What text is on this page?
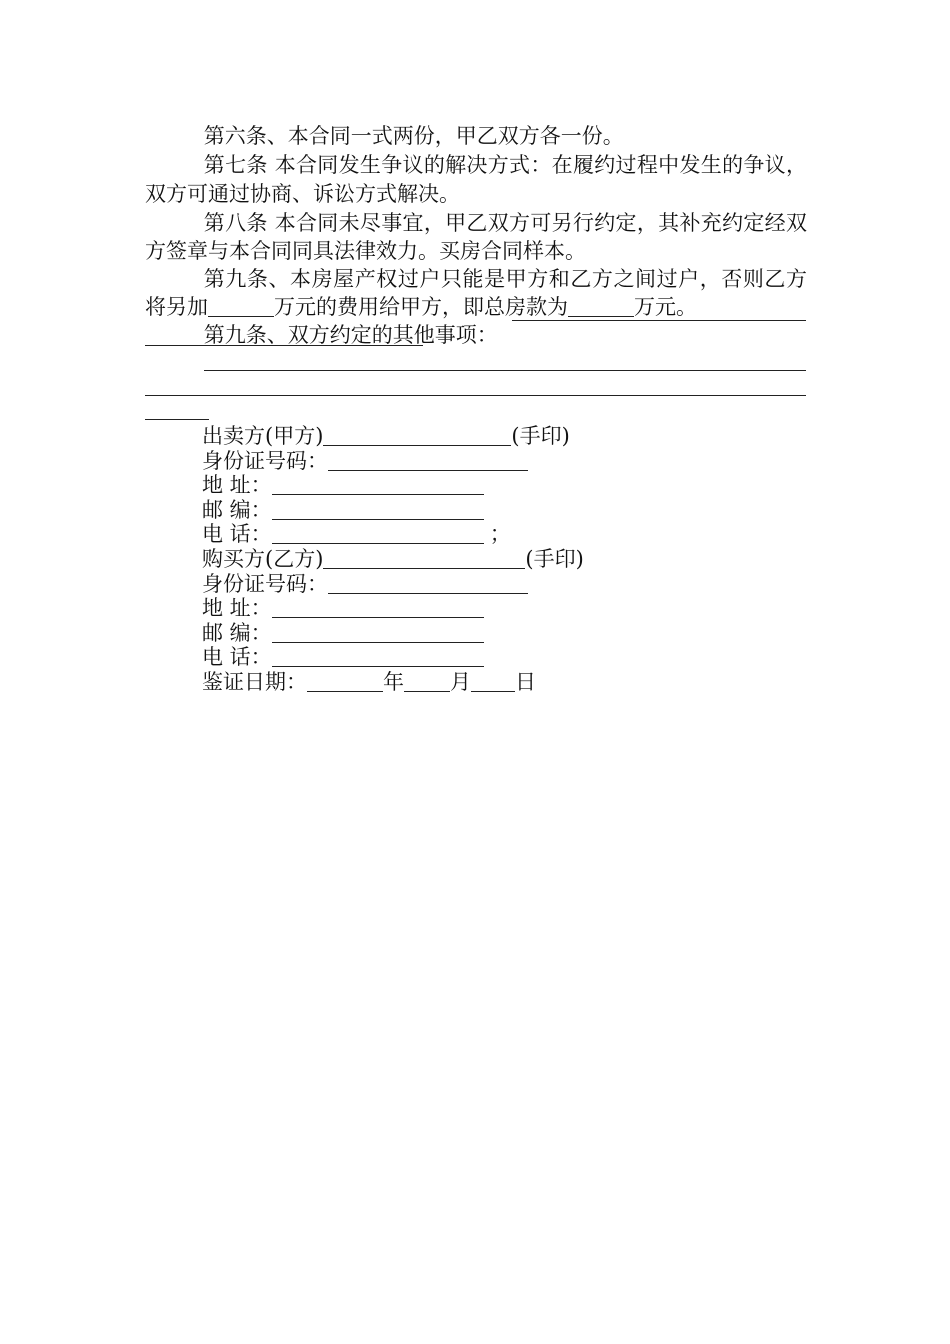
第六条、本合同一式两份，甲乙双方各一份。

第七条 本合同发生争议的解决方式：在履约过程中发生的争议，双方可通过协商、诉讼方式解决。

第八条 本合同未尽事宜，甲乙双方可另行约定，其补充约定经双方签章与本合同同具法律效力。买房合同样本。

第九条、本房屋产权过户只能是甲方和乙方之间过户，否则乙方将另加	万元的费用给甲方，即总房款为	万元。

第九条、双方约定的其他事项：

出卖方(甲方)	(手印)
身份证号码：
地 址：
邮 编：
电 话：	；
购买方(乙方)	(手印)
身份证号码：
地 址：
邮 编：
电 话：
鉴证日期：	年 月 日
